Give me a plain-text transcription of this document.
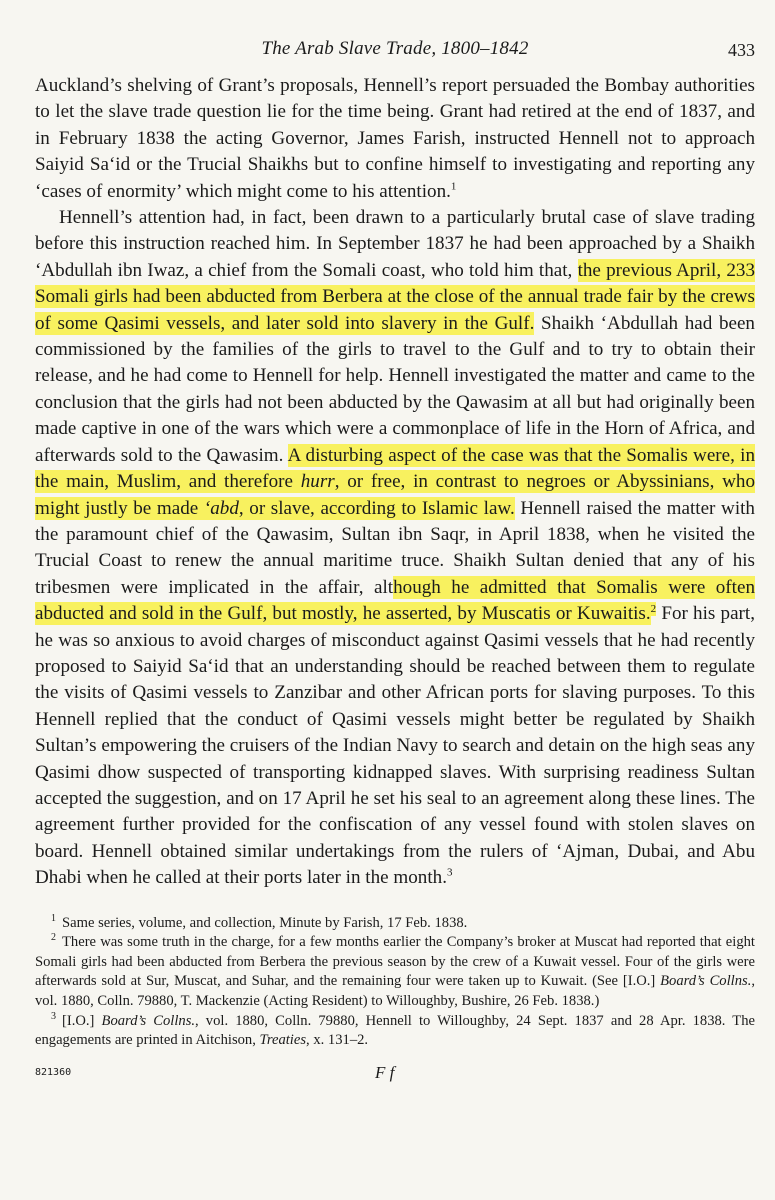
The Arab Slave Trade, 1800–1842	433

Auckland’s shelving of Grant’s proposals, Hennell’s report persuaded the Bombay authorities to let the slave trade question lie for the time being. Grant had retired at the end of 1837, and in February 1838 the acting Governor, James Farish, instructed Hennell not to approach Saiyid Sa‘id or the Trucial Shaikhs but to confine himself to investigating and reporting any ‘cases of enormity’ which might come to his attention.$^1$

Hennell’s attention had, in fact, been drawn to a particularly brutal case of slave trading before this instruction reached him. In September 1837 he had been approached by a Shaikh ‘Abdullah ibn Iwaz, a chief from the Somali coast, who told him that, the previous April, 233 Somali girls had been abducted from Berbera at the close of the annual trade fair by the crews of some Qasimi vessels, and later sold into slavery in the Gulf. Shaikh ‘Abdullah had been commissioned by the families of the girls to travel to the Gulf and to try to obtain their release, and he had come to Hennell for help. Hennell investigated the matter and came to the conclusion that the girls had not been abducted by the Qawasim at all but had originally been made captive in one of the wars which were a commonplace of life in the Horn of Africa, and afterwards sold to the Qawasim. A disturbing aspect of the case was that the Somalis were, in the main, Muslim, and therefore hurr, or free, in contrast to negroes or Abyssinians, who might justly be made ‘abd, or slave, according to Islamic law. Hennell raised the matter with the paramount chief of the Qawasim, Sultan ibn Saqr, in April 1838, when he visited the Trucial Coast to renew the annual maritime truce. Shaikh Sultan denied that any of his tribesmen were implicated in the affair, although he admitted that Somalis were often abducted and sold in the Gulf, but mostly, he asserted, by Muscatis or Kuwaitis.$^2$ For his part, he was so anxious to avoid charges of misconduct against Qasimi vessels that he had recently proposed to Saiyid Sa‘id that an understanding should be reached between them to regulate the visits of Qasimi vessels to Zanzibar and other African ports for slaving purposes. To this Hennell replied that the conduct of Qasimi vessels might better be regulated by Shaikh Sultan’s empowering the cruisers of the Indian Navy to search and detain on the high seas any Qasimi dhow suspected of transporting kidnapped slaves. With surprising readiness Sultan accepted the suggestion, and on 17 April he set his seal to an agreement along these lines. The agreement further provided for the confiscation of any vessel found with stolen slaves on board. Hennell obtained similar undertakings from the rulers of ‘Ajman, Dubai, and Abu Dhabi when he called at their ports later in the month.$^3$

$^1$ Same series, volume, and collection, Minute by Farish, 17 Feb. 1838.

$^2$ There was some truth in the charge, for a few months earlier the Company’s broker at Muscat had reported that eight Somali girls had been abducted from Berbera the previous season by the crew of a Kuwait vessel. Four of the girls were afterwards sold at Sur, Muscat, and Suhar, and the remaining four were taken up to Kuwait. (See [I.O.] Board’s Collns., vol. 1880, Colln. 79880, T. Mackenzie (Acting Resident) to Willoughby, Bushire, 26 Feb. 1838.)

$^3$ [I.O.] Board’s Collns., vol. 1880, Colln. 79880, Hennell to Willoughby, 24 Sept. 1837 and 28 Apr. 1838. The engagements are printed in Aitchison, Treaties, x. 131–2.

821360	F f
